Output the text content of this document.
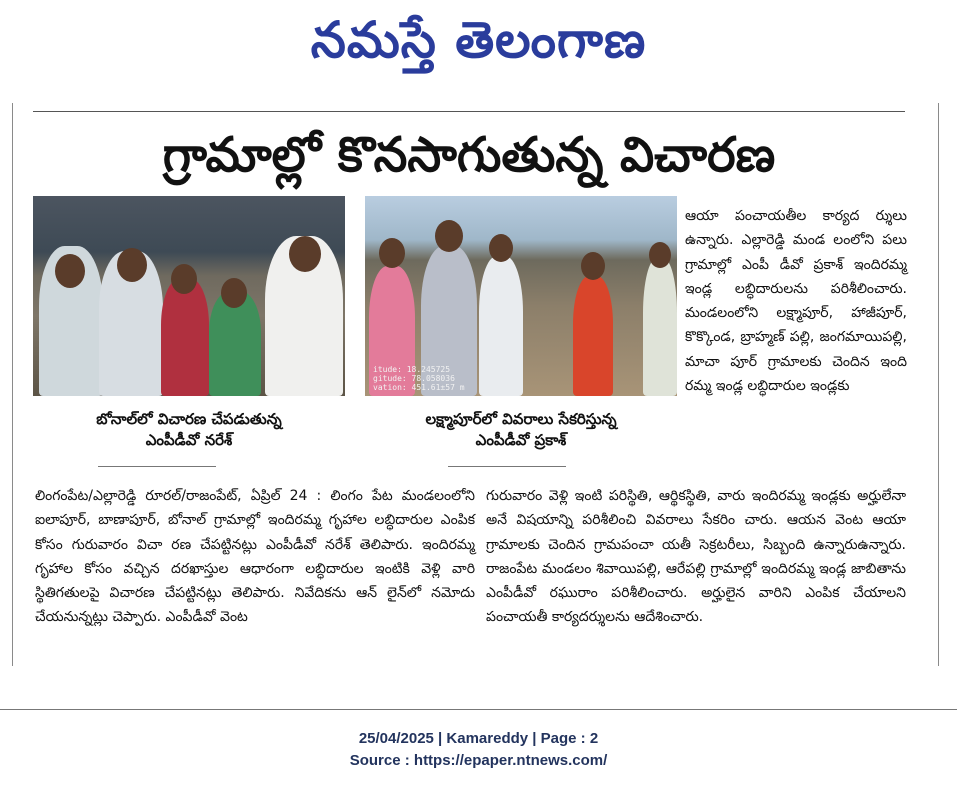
నమస్తే తెలంగాణ
గ్రామాల్లో కొనసాగుతున్న విచారణ
itude: 18.245725
gitude: 78.058036
vation: 451.61±57 m
బోనాల్‌లో విచారణ చేపడుతున్న
ఎంపీడీవో నరేశ్‌
లక్ష్మాపూర్‌లో వివరాలు సేకరిస్తున్న
ఎంపీడీవో ప్రకాశ్‌
ఆయా పంచాయతీల కార్యద ర్శులు ఉన్నారు. ఎల్లారెడ్డి మండ లంలోని పలు గ్రామాల్లో ఎంపీ డీవో ప్రకాశ్‌ ఇందిరమ్మ ఇండ్ల లబ్ధిదారులను పరిశీలించారు. మండలంలోని లక్ష్మాపూర్‌, హాజీపూర్‌, కొక్కొండ, బ్రాహ్మణ్‌ పల్లి, జంగమాయిపల్లి, మాచా పూర్‌ గ్రామాలకు చెందిన ఇంది రమ్మ ఇండ్ల లబ్ధిదారుల ఇండ్లకు
లింగంపేట/ఎల్లారెడ్డి రూరల్‌/రాజంపేట్‌, ఏప్రిల్‌ 24 : లింగం పేట మండలంలోని ఐలాపూర్‌, బాణాపూర్‌, బోనాల్‌ గ్రామాల్లో ఇందిరమ్మ గృహాల లబ్ధిదారుల ఎంపిక కోసం గురువారం విచా రణ చేపట్టినట్లు ఎంపీడీవో నరేశ్‌ తెలిపారు. ఇందిరమ్మ గృహాల కోసం వచ్చిన దరఖాస్తుల ఆధారంగా లబ్ధిదారుల ఇంటికి వెళ్లి వారి స్థితిగతులపై విచారణ చేపట్టినట్లు తెలిపారు. నివేదికను ఆన్‌ లైన్‌లో నమోదు చేయనున్నట్లు చెప్పారు. ఎంపీడీవో వెంట
గురువారం వెళ్లి ఇంటి పరిస్థితి, ఆర్థికస్థితి, వారు ఇందిరమ్మ ఇండ్లకు అర్హులేనా అనే విషయాన్ని పరిశీలించి వివరాలు సేకరిం చారు. ఆయన వెంట ఆయా గ్రామాలకు చెందిన గ్రామపంచా యతీ సెక్రటరీలు, సిబ్బంది ఉన్నారుఉన్నారు. రాజంపేట మండలం శివాయిపల్లి, ఆరేపల్లి గ్రామాల్లో ఇందిరమ్మ ఇండ్ల జాబితాను ఎంపీడీవో రఘురాం పరిశీలించారు. అర్హులైన వారిని ఎంపిక చేయాలని పంచాయతీ కార్యదర్శులను ఆదేశించారు.
25/04/2025 | Kamareddy | Page : 2
Source : https://epaper.ntnews.com/
